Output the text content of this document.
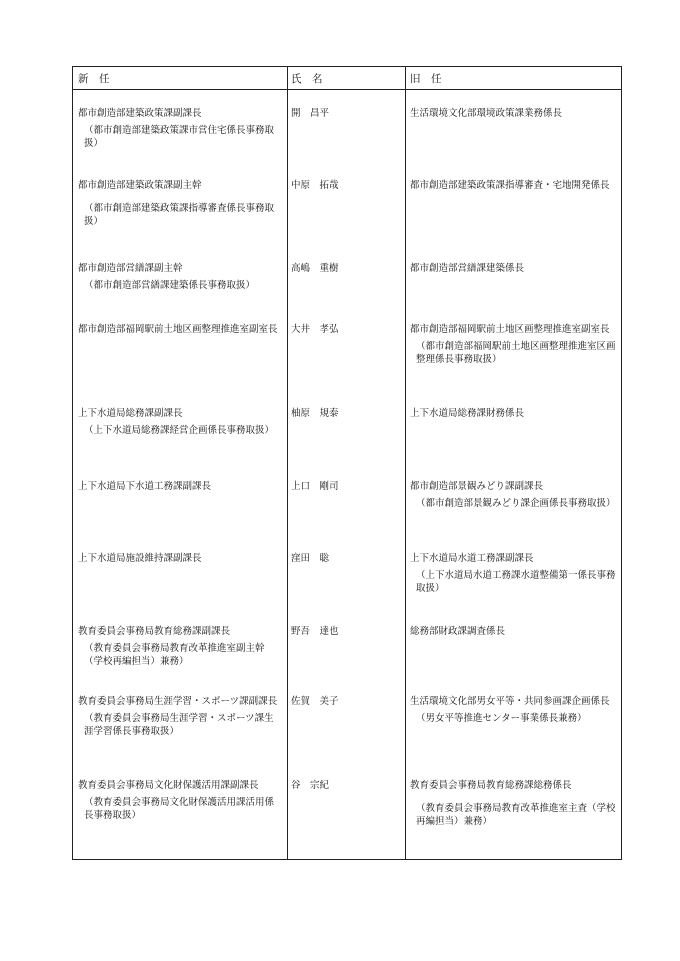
新　任	氏　名	旧　任
都市創造部建築政策課副課長
（都市創造部建築政策課市営住宅係長事務取扱）
開　昌平	生活環境文化部環境政策課業務係長
都市創造部建築政策課副主幹
（都市創造部建築政策課指導審査係長事務取扱）
中原　拓哉	都市創造部建築政策課指導審査・宅地開発係長
都市創造部営繕課副主幹
（都市創造部営繕課建築係長事務取扱）
高嶋　重樹	都市創造部営繕課建築係長
都市創造部福岡駅前土地区画整理推進室副室長	大井　孝弘	都市創造部福岡駅前土地区画整理推進室副室長
（都市創造部福岡駅前土地区画整理推進室区画整理係長事務取扱）
上下水道局総務課副課長
（上下水道局総務課経営企画係長事務取扱）
柚原　規泰	上下水道局総務課財務係長
上下水道局下水道工務課副課長	上口　剛司	都市創造部景観みどり課副課長
（都市創造部景観みどり課企画係長事務取扱）
上下水道局施設維持課副課長	窪田　聡	上下水道局水道工務課副課長
（上下水道局水道工務課水道整備第一係長事務取扱）
教育委員会事務局教育総務課副課長
（教育委員会事務局教育改革推進室副主幹（学校再編担当）兼務）
野吾　達也	総務部財政課調査係長
教育委員会事務局生涯学習・スポーツ課副課長
（教育委員会事務局生涯学習・スポーツ課生涯学習係長事務取扱）
佐賀　美子	生活環境文化部男女平等・共同参画課企画係長
（男女平等推進センター事業係長兼務）
教育委員会事務局文化財保護活用課副課長
（教育委員会事務局文化財保護活用課活用係長事務取扱）
谷　宗紀	教育委員会事務局教育総務課総務係長
（教育委員会事務局教育改革推進室主査（学校再編担当）兼務）
